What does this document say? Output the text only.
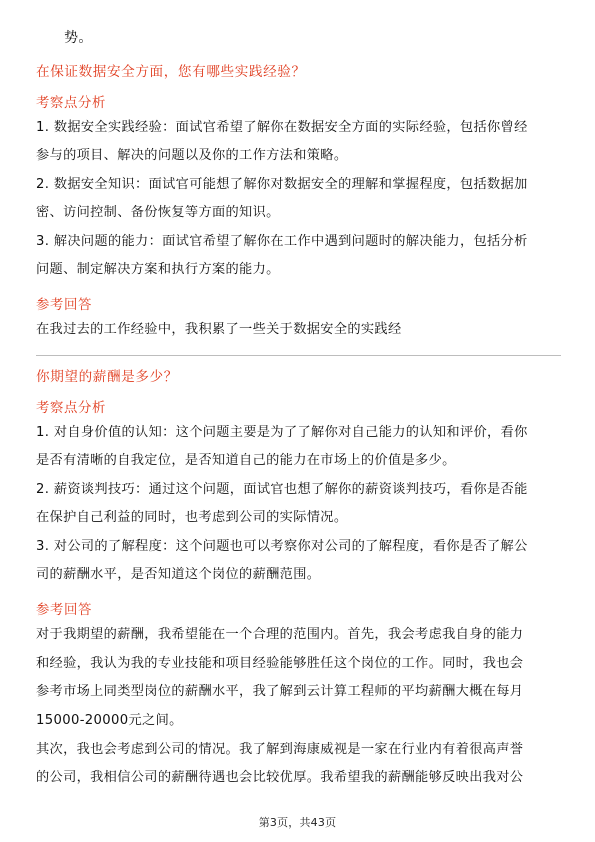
势。
在保证数据安全方面，您有哪些实践经验？
考察点分析
1. 数据安全实践经验：面试官希望了解你在数据安全方面的实际经验，包括你曾经
参与的项目、解决的问题以及你的工作方法和策略。
2. 数据安全知识：面试官可能想了解你对数据安全的理解和掌握程度，包括数据加
密、访问控制、备份恢复等方面的知识。
3. 解决问题的能力：面试官希望了解你在工作中遇到问题时的解决能力，包括分析
问题、制定解决方案和执行方案的能力。
参考回答
在我过去的工作经验中，我积累了一些关于数据安全的实践经
你期望的薪酬是多少？
考察点分析
1. 对自身价值的认知：这个问题主要是为了了解你对自己能力的认知和评价，看你
是否有清晰的自我定位，是否知道自己的能力在市场上的价值是多少。
2. 薪资谈判技巧：通过这个问题，面试官也想了解你的薪资谈判技巧，看你是否能
在保护自己利益的同时，也考虑到公司的实际情况。
3. 对公司的了解程度：这个问题也可以考察你对公司的了解程度，看你是否了解公
司的薪酬水平，是否知道这个岗位的薪酬范围。
参考回答
对于我期望的薪酬，我希望能在一个合理的范围内。首先，我会考虑我自身的能力
和经验，我认为我的专业技能和项目经验能够胜任这个岗位的工作。同时，我也会
参考市场上同类型岗位的薪酬水平，我了解到云计算工程师的平均薪酬大概在每月
15000-20000元之间。
其次，我也会考虑到公司的情况。我了解到海康威视是一家在行业内有着很高声誉
的公司，我相信公司的薪酬待遇也会比较优厚。我希望我的薪酬能够反映出我对公
第3页，共43页
